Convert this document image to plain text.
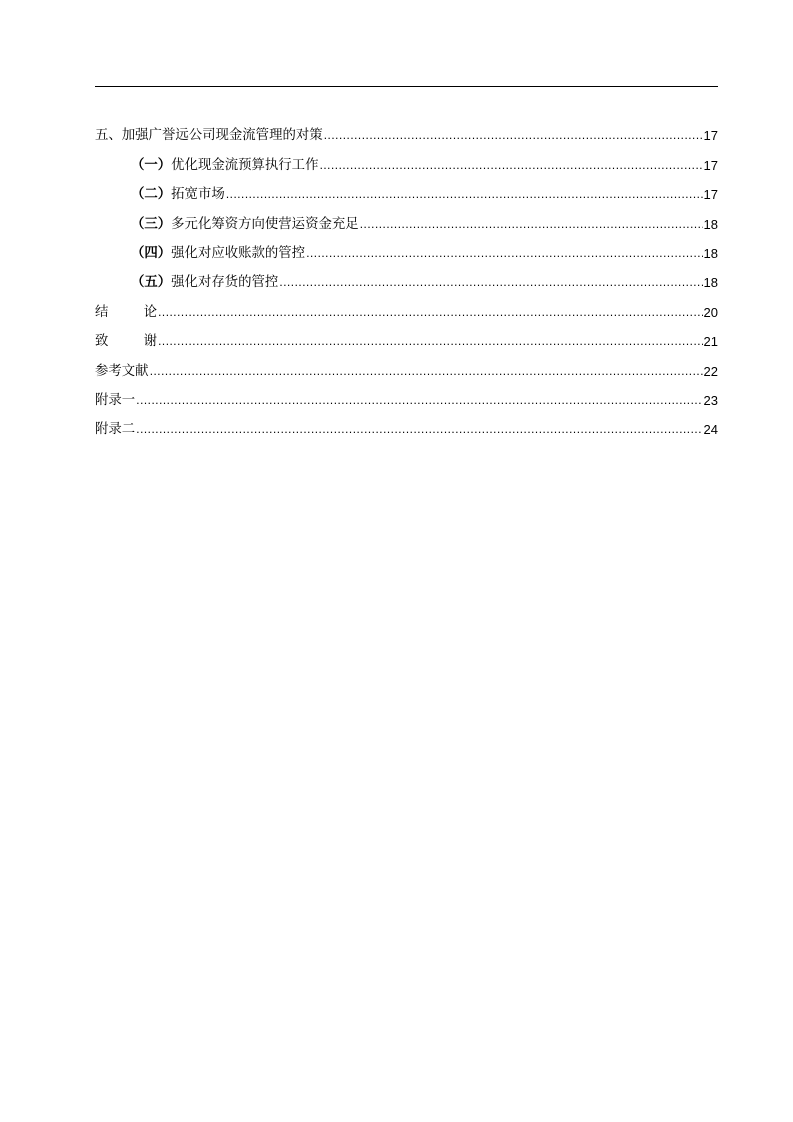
五、加强广誉远公司现金流管理的对策 .....	17
（一） 优化现金流预算执行工作 .....	17
（二） 拓宽市场 .....	17
（三） 多元化筹资方向使营运资金充足 .....	18
（四） 强化对应收账款的管控 .....	18
（五） 强化对存货的管控 .....	18
结　论 .....	20
致　谢 .....	21
参考文献 .....	22
附录一 .....	23
附录二 .....	24
